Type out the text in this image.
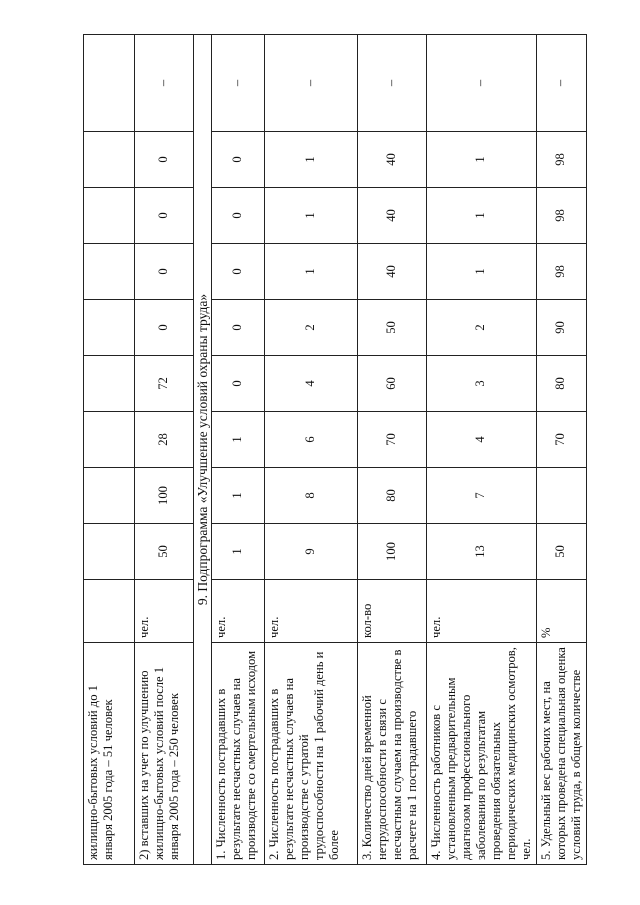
жилищно-бытовых условий до 1 января 2005 года – 51 человек										
2) вставших на учет по улучшению жилищно-бытовых условий после 1 января 2005 года – 250 человек	чел.	50	100	28	72	0	0	0	0	–
9. Подпрограмма «Улучшение условий охраны труда»										
1. Численность пострадавших в результате несчастных случаев на производстве со смертельным исходом	чел.	1	1	1	0	0	0	0	0	–
2. Численность пострадавших в результате несчастных случаев на производстве с утратой трудоспособности на 1 рабочий день и более	чел.	9	8	6	4	2	1	1	1	–
3. Количество дней временной нетрудоспособности в связи с несчастным случаем на производстве в расчете на 1 пострадавшего	кол-во	100	80	70	60	50	40	40	40	–
4. Численность работников с установленным предварительным диагнозом профессионального заболевания по результатам проведения обязательных периодических медицинских осмотров, чел.	чел.	13	7	4	3	2	1	1	1	–
5. Удельный вес рабочих мест, на которых проведена специальная оценка условий труда, в общем количестве	%	50		70	80	90	98	98	98	–
